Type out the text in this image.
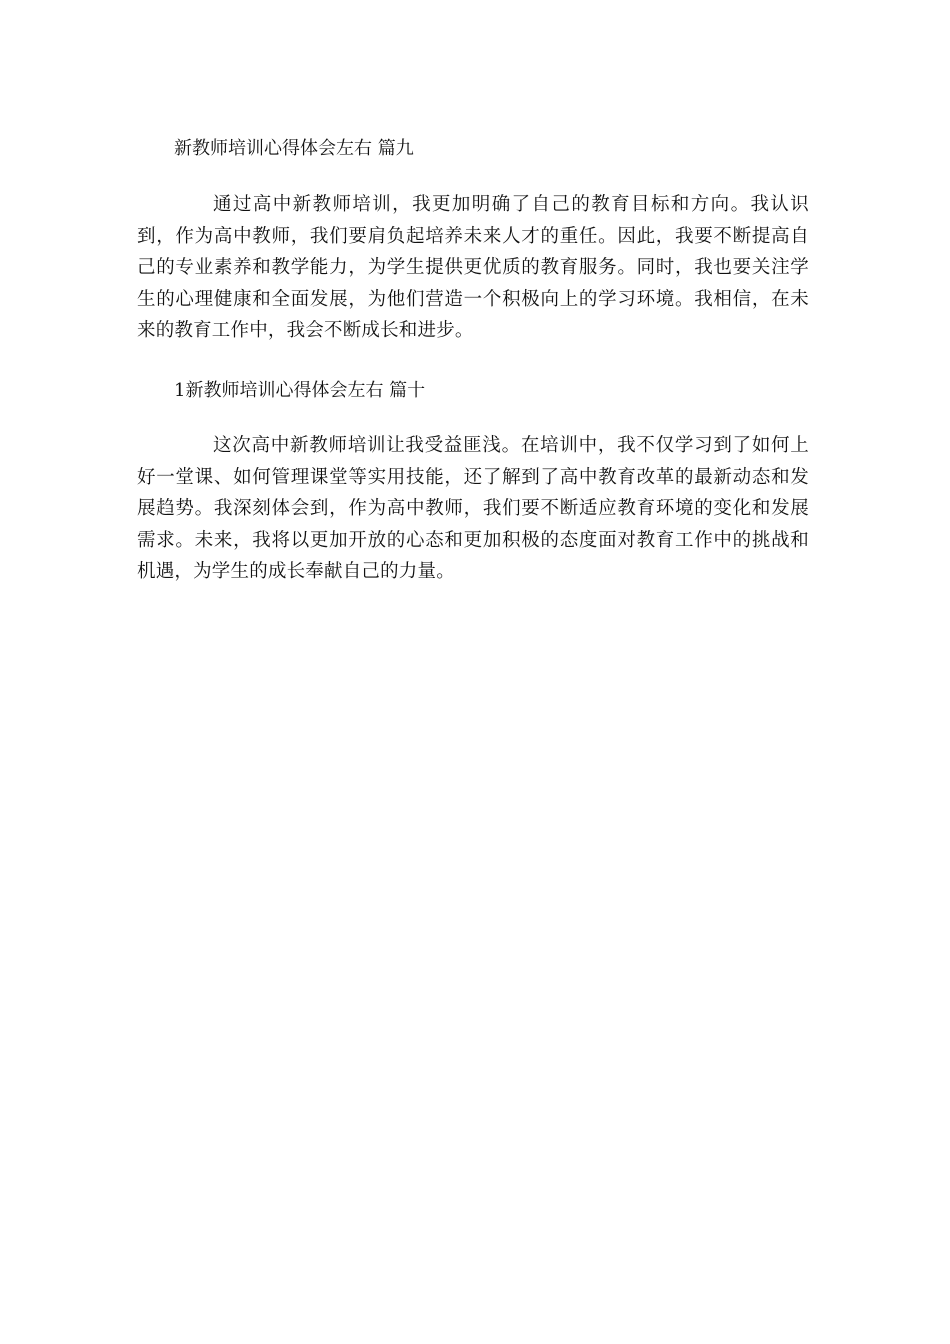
新教师培训心得体会左右 篇九

通过高中新教师培训，我更加明确了自己的教育目标和方向。我认识到，作为高中教师，我们要肩负起培养未来人才的重任。因此，我要不断提高自己的专业素养和教学能力，为学生提供更优质的教育服务。同时，我也要关注学生的心理健康和全面发展，为他们营造一个积极向上的学习环境。我相信，在未来的教育工作中，我会不断成长和进步。

1新教师培训心得体会左右 篇十

这次高中新教师培训让我受益匪浅。在培训中，我不仅学习到了如何上好一堂课、如何管理课堂等实用技能，还了解到了高中教育改革的最新动态和发展趋势。我深刻体会到，作为高中教师，我们要不断适应教育环境的变化和发展需求。未来，我将以更加开放的心态和更加积极的态度面对教育工作中的挑战和机遇，为学生的成长奉献自己的力量。
